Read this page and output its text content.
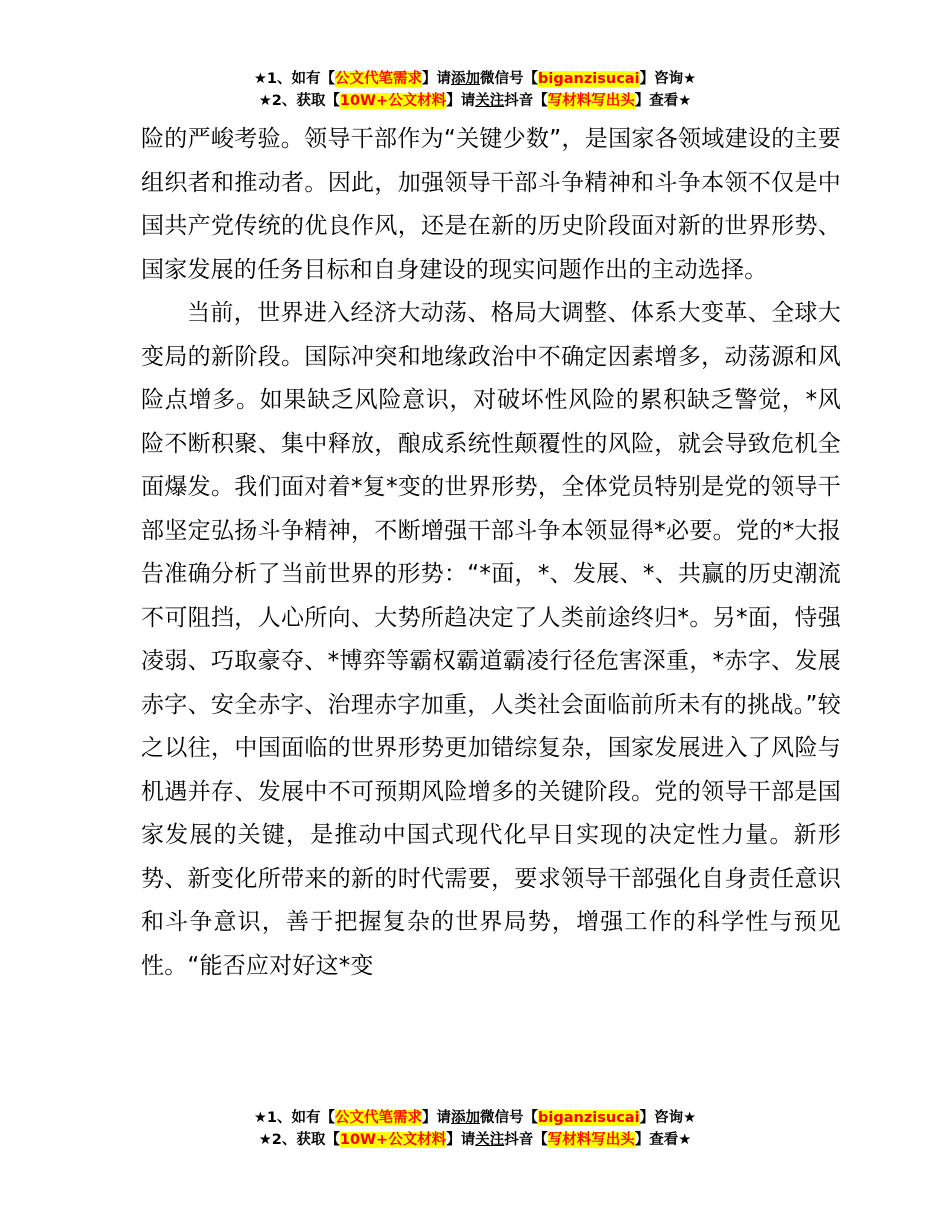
★1、如有【公文代笔需求】请添加微信号【biganzisucai】咨询★
★2、获取【10W+公文材料】请关注抖音【写材料写出头】查看★

险的严峻考验。领导干部作为“关键少数”，是国家各领域建设的主要组织者和推动者。因此，加强领导干部斗争精神和斗争本领不仅是中国共产党传统的优良作风，还是在新的历史阶段面对新的世界形势、国家发展的任务目标和自身建设的现实问题作出的主动选择。

当前，世界进入经济大动荡、格局大调整、体系大变革、全球大变局的新阶段。国际冲突和地缘政治中不确定因素增多，动荡源和风险点增多。如果缺乏风险意识，对破坏性风险的累积缺乏警觉，*风险不断积聚、集中释放，酿成系统性颠覆性的风险，就会导致危机全面爆发。我们面对着*复*变的世界形势，全体党员特别是党的领导干部坚定弘扬斗争精神，不断增强干部斗争本领显得*必要。党的*大报告准确分析了当前世界的形势：“*面，*、发展、*、共赢的历史潮流不可阻挡，人心所向、大势所趋决定了人类前途终归*。另*面，恃强凌弱、巧取豪夺、*博弈等霸权霸道霸凌行径危害深重，*赤字、发展赤字、安全赤字、治理赤字加重，人类社会面临前所未有的挑战。”较之以往，中国面临的世界形势更加错综复杂，国家发展进入了风险与机遇并存、发展中不可预期风险增多的关键阶段。党的领导干部是国家发展的关键，是推动中国式现代化早日实现的决定性力量。新形势、新变化所带来的新的时代需要，要求领导干部强化自身责任意识和斗争意识，善于把握复杂的世界局势，增强工作的科学性与预见性。“能否应对好这*变

★1、如有【公文代笔需求】请添加微信号【biganzisucai】咨询★
★2、获取【10W+公文材料】请关注抖音【写材料写出头】查看★
